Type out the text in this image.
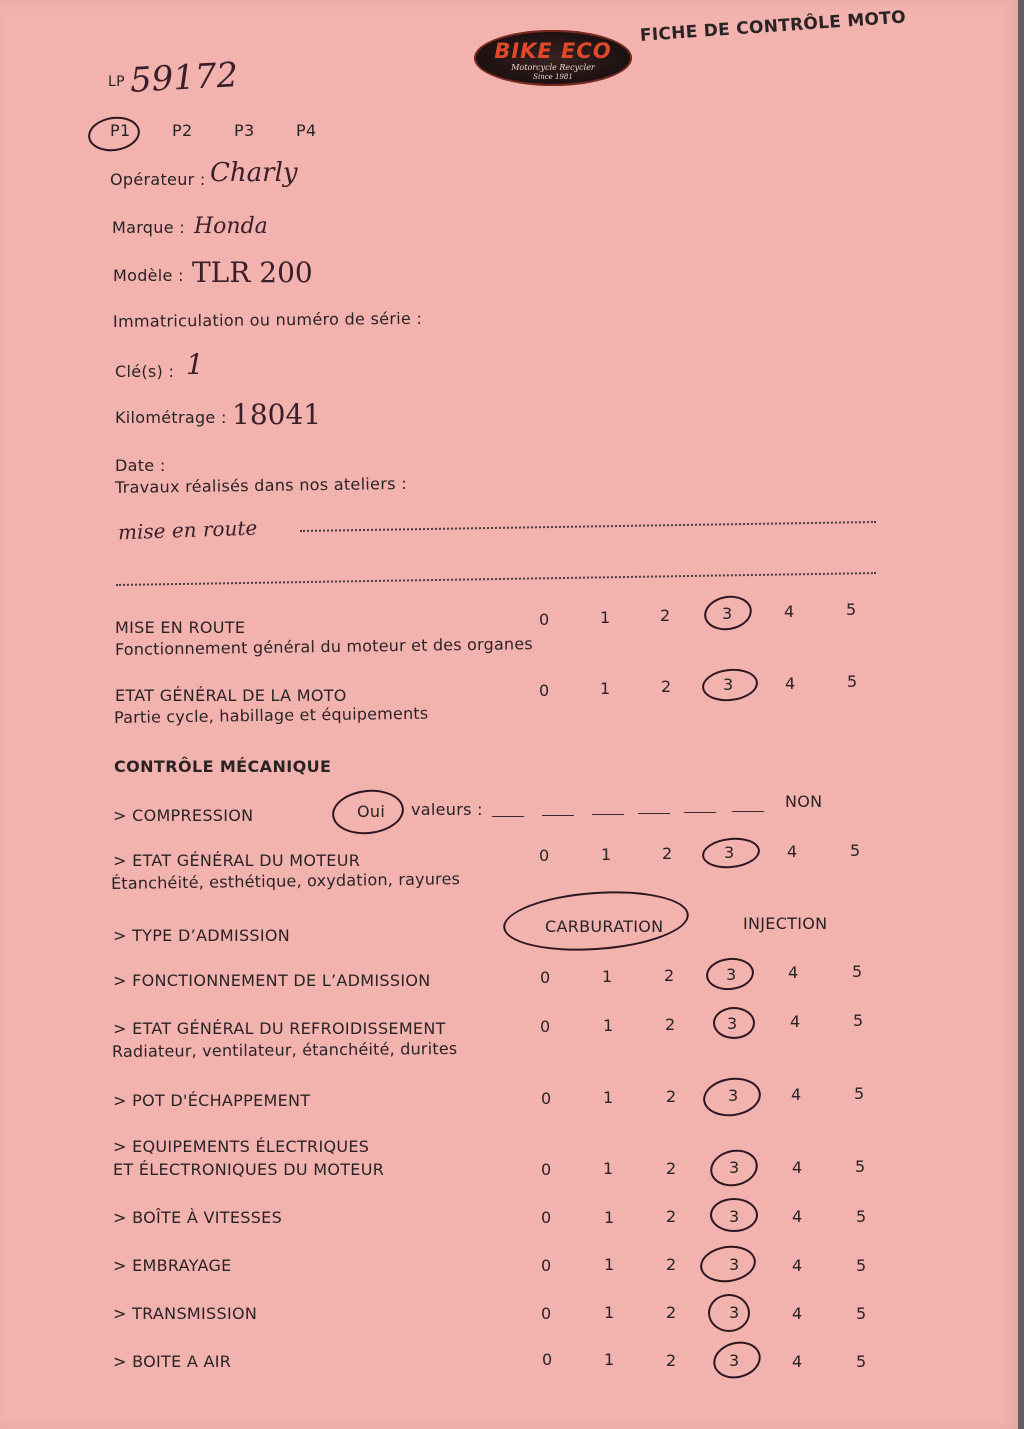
BIKE ECO
Motorcycle Recycler
Since 1981
FICHE DE CONTRÔLE MOTO
LP 59172
P1	P2	P3	P4
Opérateur : Charly
Marque : Honda
Modèle : TLR 200
Immatriculation ou numéro de série :
Clé(s) : 1
Kilométrage : 18041
Date :
Travaux réalisés dans nos ateliers :
mise en route
MISE EN ROUTE
Fonctionnement général du moteur et des organes
0	1	2	3	4	5
ETAT GÉNÉRAL DE LA MOTO
Partie cycle, habillage et équipements
0	1	2	3	4	5
CONTRÔLE MÉCANIQUE
> COMPRESSION	Oui valeurs :	NON
> ETAT GÉNÉRAL DU MOTEUR
Étanchéité, esthétique, oxydation, rayures
0	1	2	3	4	5
> TYPE D’ADMISSION	CARBURATION	INJECTION
> FONCTIONNEMENT DE L’ADMISSION	0	1	2	3	4	5
> ETAT GÉNÉRAL DU REFROIDISSEMENT
Radiateur, ventilateur, étanchéité, durites
0	1	2	3	4	5
> POT D'ÉCHAPPEMENT	0	1	2	3	4	5
> EQUIPEMENTS ÉLECTRIQUES
ET ÉLECTRONIQUES DU MOTEUR	0	1	2	3	4	5
> BOÎTE À VITESSES	0	1	2	3	4	5
> EMBRAYAGE	0	1	2	3	4	5
> TRANSMISSION	0	1	2	3	4	5
> BOITE A AIR	0	1	2	3	4	5
